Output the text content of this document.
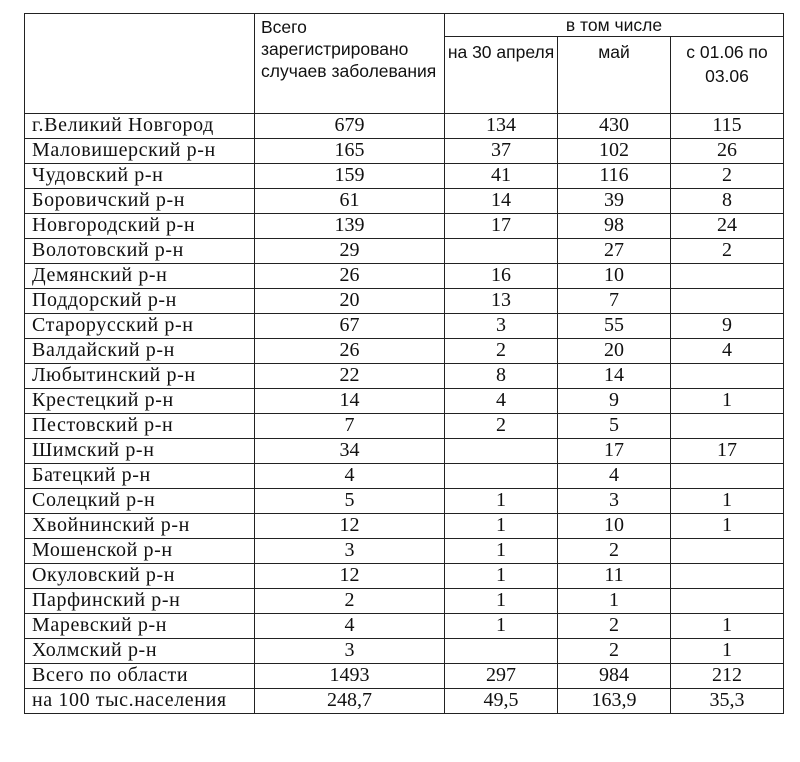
	Всего зарегистрировано случаев заболевания	в том числе		
		на 30 апреля	май	с 01.06 по 03.06
г.Великий Новгород	679	134	430	115
Маловишерский р-н	165	37	102	26
Чудовский р-н	159	41	116	2
Боровичский р-н	61	14	39	8
Новгородский р-н	139	17	98	24
Волотовский р-н	29		27	2
Демянский р-н	26	16	10	
Поддорский р-н	20	13	7	
Старорусский р-н	67	3	55	9
Валдайский р-н	26	2	20	4
Любытинский р-н	22	8	14	
Крестецкий р-н	14	4	9	1
Пестовский р-н	7	2	5	
Шимский р-н	34		17	17
Батецкий р-н	4		4	
Солецкий р-н	5	1	3	1
Хвойнинский р-н	12	1	10	1
Мошенской р-н	3	1	2	
Окуловский р-н	12	1	11	
Парфинский р-н	2	1	1	
Маревский р-н	4	1	2	1
Холмский р-н	3		2	1
Всего по области	1493	297	984	212
на 100 тыс.населения	248,7	49,5	163,9	35,3
